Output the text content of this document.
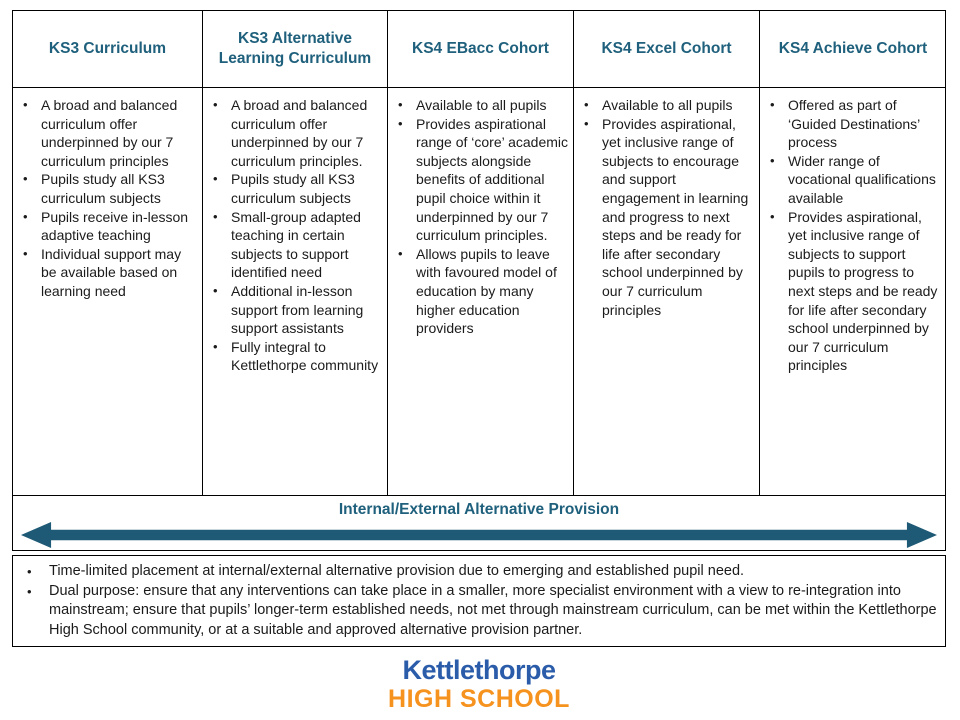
KS3 Curriculum
KS3 Alternative Learning Curriculum
KS4 EBacc Cohort	KS4 Excel Cohort	KS4 Achieve Cohort
• A broad and balanced curriculum offer underpinned by our 7 curriculum principles
• Pupils study all KS3 curriculum subjects
• Pupils receive in-lesson adaptive teaching
• Individual support may be available based on learning need
• A broad and balanced curriculum offer underpinned by our 7 curriculum principles.
• Pupils study all KS3 curriculum subjects
• Small-group adapted teaching in certain subjects to support identified need
• Additional in-lesson support from learning support assistants
• Fully integral to Kettlethorpe community
• Available to all pupils
• Provides aspirational range of ‘core’ academic subjects alongside benefits of additional pupil choice within it underpinned by our 7 curriculum principles.
• Allows pupils to leave with favoured model of education by many higher education providers
• Available to all pupils
• Provides aspirational, yet inclusive range of subjects to encourage and support engagement in learning and progress to next steps and be ready for life after secondary school underpinned by our 7 curriculum principles
• Offered as part of ‘Guided Destinations’ process
• Wider range of vocational qualifications available
• Provides aspirational, yet inclusive range of subjects to support pupils to progress to next steps and be ready for life after secondary school underpinned by our 7 curriculum principles
Internal/External Alternative Provision
• Time-limited placement at internal/external alternative provision due to emerging and established pupil need.
• Dual purpose: ensure that any interventions can take place in a smaller, more specialist environment with a view to re-integration into mainstream; ensure that pupils’ longer-term established needs, not met through mainstream curriculum, can be met within the Kettlethorpe High School community, or at a suitable and approved alternative provision partner.
Kettlethorpe
HIGH SCHOOL
